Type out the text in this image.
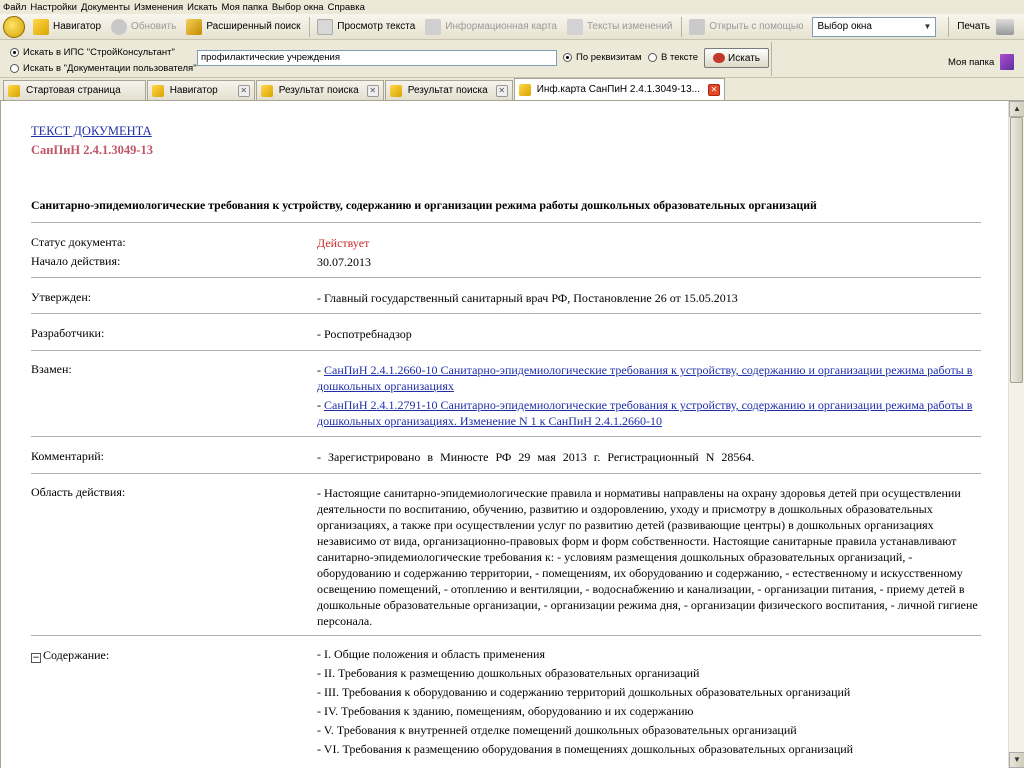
Файл Настройки Документы Изменения Искать Моя папка Выбор окна Справка
Навигатор	Обновить	Расширенный поиск	Просмотр текста	Информационная карта	Тексты изменений	Открыть с помощью Выбор окна	▼	Печать
Искать в ИПС "СтройКонсультант"
Искать в "Документации пользователя"
профилактические учреждения	По реквизитам	В тексте	Искать	Моя папка
Стартовая страница	Навигатор	✕	Результат поиска	✕	Результат поиска	✕	Инф.карта СанПиН 2.4.1.3049-13...	✕
ТЕКСТ ДОКУМЕНТА
СанПиН 2.4.1.3049-13
Санитарно-эпидемиологические требования к устройству, содержанию и организации режима работы дошкольных образовательных организаций
Статус документа:	Действует
Начало действия:	30.07.2013
Утвержден:	- Главный государственный санитарный врач РФ, Постановление 26 от 15.05.2013
Разработчики:	- Роспотребнадзор
Взамен:	- СанПиН 2.4.1.2660-10 Санитарно-эпидемиологические требования к устройству, содержанию и организации режима работы в дошкольных организациях
- СанПиН 2.4.1.2791-10 Санитарно-эпидемиологические требования к устройству, содержанию и организации режима работы в дошкольных организациях. Изменение N 1 к СанПиН 2.4.1.2660-10
Комментарий:	- Зарегистрировано в Минюсте РФ 29 мая 2013 г. Регистрационный N 28564.
Область действия:	- Настоящие санитарно-эпидемиологические правила и нормативы направлены на охрану здоровья детей при осуществлении деятельности по воспитанию, обучению, развитию и оздоровлению, уходу и присмотру в дошкольных образовательных организациях, а также при осуществлении услуг по развитию детей (развивающие центры) в дошкольных организациях независимо от вида, организационно-правовых форм и форм собственности. Настоящие санитарные правила устанавливают санитарно-эпидемиологические требования к: - условиям размещения дошкольных образовательных организаций, - оборудованию и содержанию территории, - помещениям, их оборудованию и содержанию, - естественному и искусственному освещению помещений, - отоплению и вентиляции, - водоснабжению и канализации, - организации питания, - приему детей в дошкольные образовательные организации, - организации режима дня, - организации физического воспитания, - личной гигиене персонала.
− Содержание:	- I. Общие положения и область применения
- II. Требования к размещению дошкольных образовательных организаций
- III. Требования к оборудованию и содержанию территорий дошкольных образовательных организаций
- IV. Требования к зданию, помещениям, оборудованию и их содержанию
- V. Требования к внутренней отделке помещений дошкольных образовательных организаций
- VI. Требования к размещению оборудования в помещениях дошкольных образовательных организаций
▲
▼
